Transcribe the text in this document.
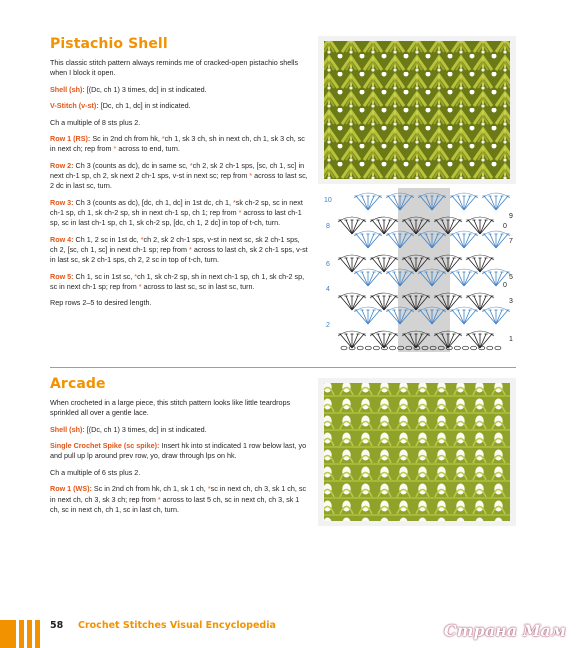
Pistachio Shell

This classic stitch pattern always reminds me of cracked-open pistachio shells when I block it open.

Shell (sh): [(Dc, ch 1) 3 times, dc] in st indicated.

V-Stitch (v-st): [Dc, ch 1, dc] in st indicated.

Ch a multiple of 8 sts plus 2.

Row 1 (RS): Sc in 2nd ch from hk, *ch 1, sk 3 ch, sh in next ch, ch 1, sk 3 ch, sc in next ch; rep from * across to end, turn.

Row 2: Ch 3 (counts as dc), dc in same sc, *ch 2, sk 2 ch-1 sps, [sc, ch 1, sc] in next ch-1 sp, ch 2, sk next 2 ch-1 sps, v-st in next sc; rep from * across to last sc, 2 dc in last sc, turn.

Row 3: Ch 3 (counts as dc), [dc, ch 1, dc] in 1st dc, ch 1, *sk ch-2 sp, sc in next ch-1 sp, ch 1, sk ch-2 sp, sh in next ch-1 sp, ch 1; rep from * across to last ch-1 sp, sc in last ch-1 sp, ch 1, sk ch-2 sp, [dc, ch 1, 2 dc] in top of t-ch, turn.

Row 4: Ch 1, 2 sc in 1st dc, *ch 2, sk 2 ch-1 sps, v-st in next sc, sk 2 ch-1 sps, ch 2, [sc, ch 1, sc] in next ch-1 sp; rep from * across to last ch, sk 2 ch-1 sps, v-st in last sc, sk 2 ch-1 sps, ch 2, 2 sc in top of t-ch, turn.

Row 5: Ch 1, sc in 1st sc, *ch 1, sk ch-2 sp, sh in next ch-1 sp, ch 1, sk ch-2 sp, sc in next ch-1 sp; rep from * across to last sc, sc in last sc, turn.

Rep rows 2–5 to desired length.

10
8
6
4
2
9
7
0
5
0
3
1
Arcade

When crocheted in a large piece, this stitch pattern looks like little teardrops sprinkled all over a gentle lace.

Shell (sh): [(Dc, ch 1) 3 times, dc] in st indicated.

Single Crochet Spike (sc spike): Insert hk into st indicated 1 row below last, yo and pull up lp around prev row, yo, draw through lps on hk.

Ch a multiple of 6 sts plus 2.

Row 1 (WS): Sc in 2nd ch from hk, ch 1, sk 1 ch, *sc in next ch, ch 3, sk 1 ch, sc in next ch, ch 3, sk 3 ch; rep from * across to last 5 ch, sc in next ch, ch 3, sk 1 ch, sc in next ch, ch 1, sc in last ch, turn.

58 Crochet Stitches Visual Encyclopedia	Страна Мам
